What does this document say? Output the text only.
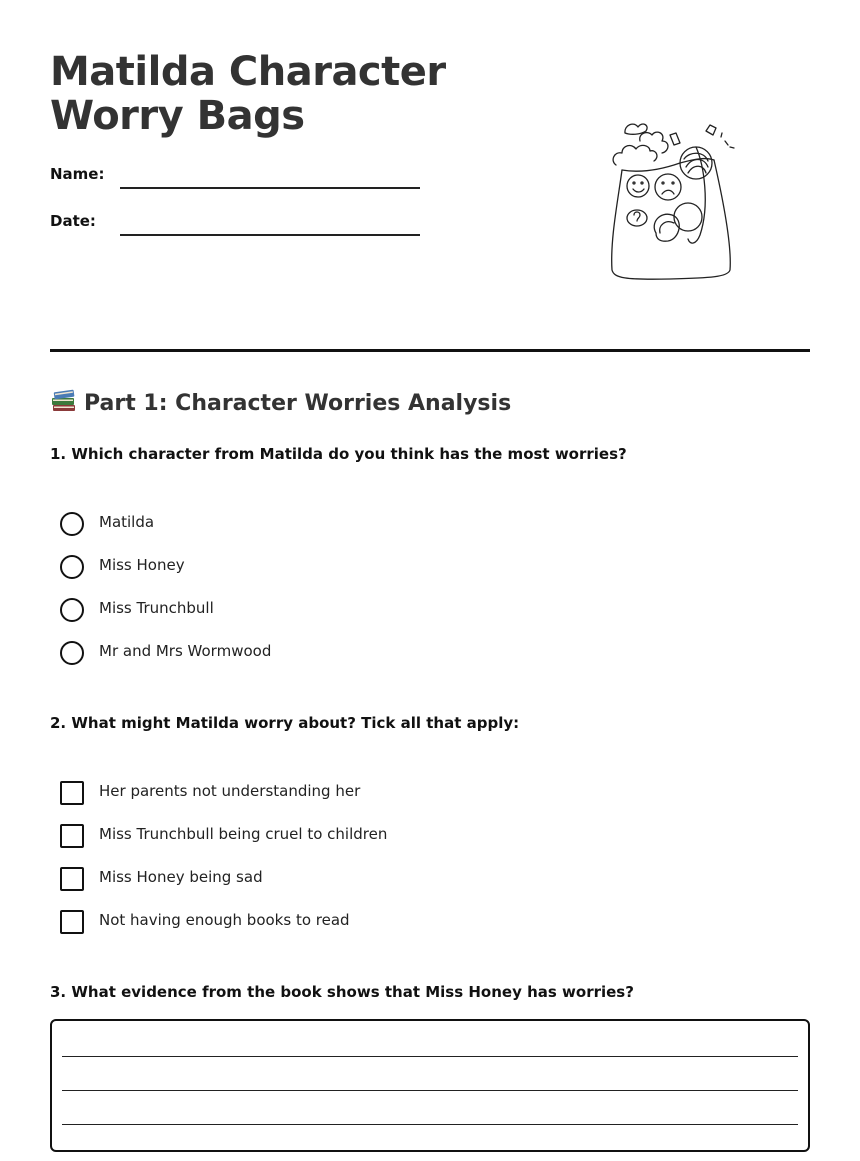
Matilda Character
Worry Bags
Name:
Date:
Part 1: Character Worries Analysis

1. Which character from Matilda do you think has the most worries?

Matilda
Miss Honey
Miss Trunchbull
Mr and Mrs Wormwood

2. What might Matilda worry about? Tick all that apply:

Her parents not understanding her
Miss Trunchbull being cruel to children
Miss Honey being sad
Not having enough books to read

3. What evidence from the book shows that Miss Honey has worries?
